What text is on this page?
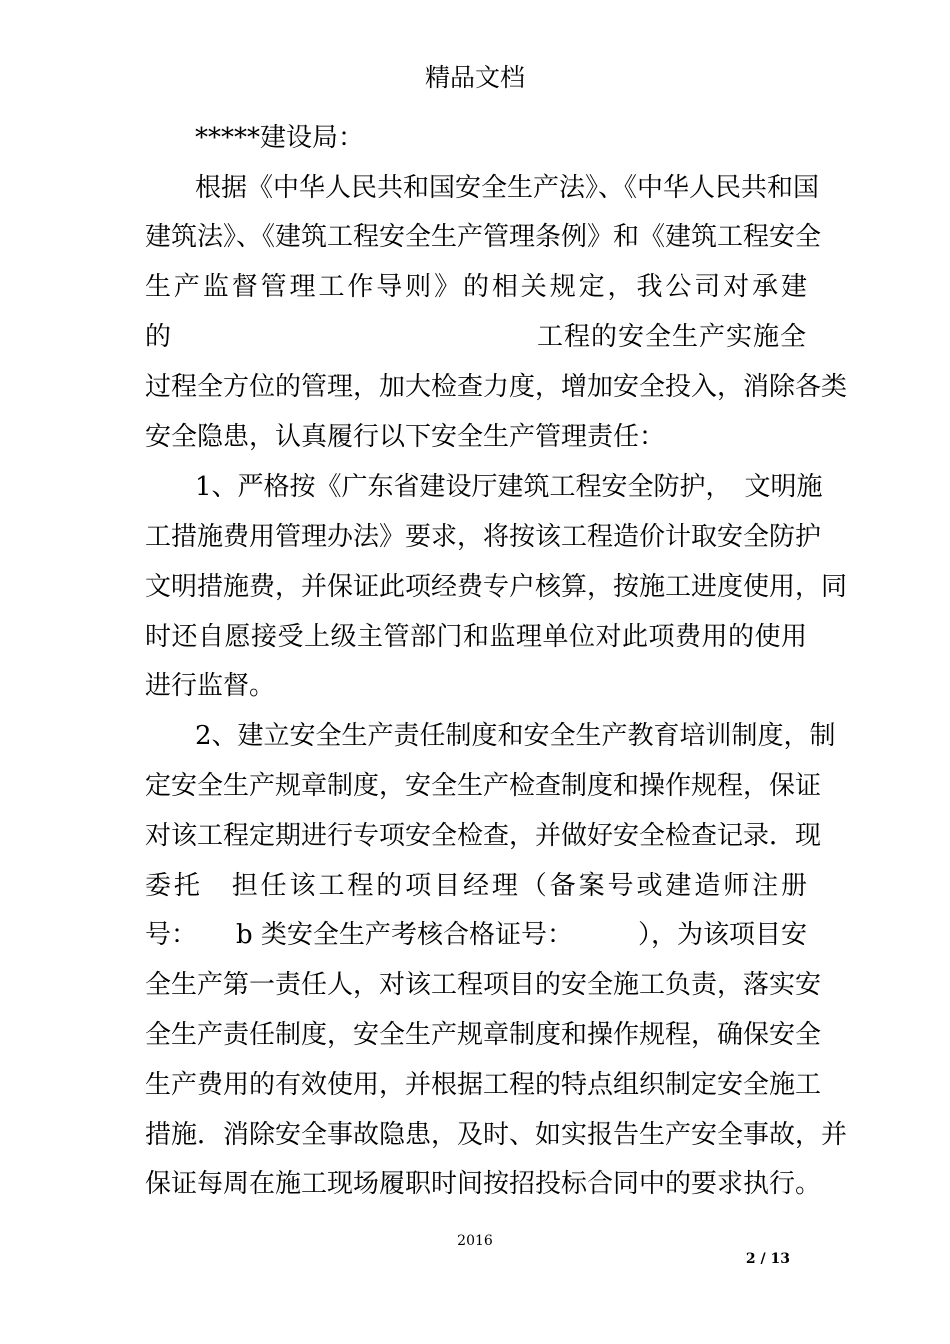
精品文档
*****建设局：
根据《中华人民共和国安全生产法》、《中华人民共和国
建筑法》、《建筑工程安全生产管理条例》和《建筑工程安全
生产监督管理工作导则》的相关规定，我公司对承建
的	工程的安全生产实施全
过程全方位的管理，加大检查力度，增加安全投入，消除各类
安全隐患，认真履行以下安全生产管理责任：
1、严格按《广东省建设厅建筑工程安全防护，　文明施
工措施费用管理办法》要求，将按该工程造价计取安全防护
文明措施费，并保证此项经费专户核算，按施工进度使用，同
时还自愿接受上级主管部门和监理单位对此项费用的使用
进行监督。
2、建立安全生产责任制度和安全生产教育培训制度，制
定安全生产规章制度，安全生产检查制度和操作规程，保证
对该工程定期进行专项安全检查，并做好安全检查记录．现
委托　担任该工程的项目经理（备案号或建造师注册
号：　　b 类安全生产考核合格证号：　　　），为该项目安
全生产第一责任人，对该工程项目的安全施工负责，落实安
全生产责任制度，安全生产规章制度和操作规程，确保安全
生产费用的有效使用，并根据工程的特点组织制定安全施工
措施．消除安全事故隐患，及时、如实报告生产安全事故，并
保证每周在施工现场履职时间按招投标合同中的要求执行。
2016
2 / 13
